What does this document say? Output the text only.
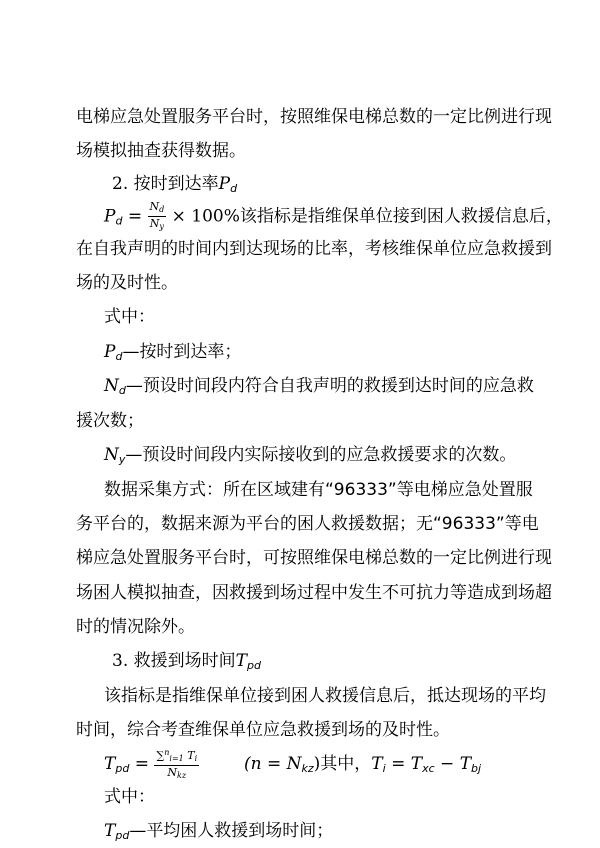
电梯应急处置服务平台时，按照维保电梯总数的一定比例进行现
场模拟抽查获得数据。
2. 按时到达率$P_d$
$P_d = \frac{N_d}{N_y} \times 100\%$该指标是指维保单位接到困人救援信息后，
在自我声明的时间内到达现场的比率，考核维保单位应急救援到
场的及时性。
式中：
$P_d—$按时到达率；
$N_d—$预设时间段内符合自我声明的救援到达时间的应急救
援次数；
$N_y—$预设时间段内实际接收到的应急救援要求的次数。
数据采集方式：所在区域建有“96333”等电梯应急处置服
务平台的，数据来源为平台的困人救援数据；无“96333”等电
梯应急处置服务平台时，可按照维保电梯总数的一定比例进行现
场困人模拟抽查，因救援到场过程中发生不可抗力等造成到场超
时的情况除外。
3. 救援到场时间$T_{pd}$
该指标是指维保单位接到困人救援信息后，抵达现场的平均
时间，综合考查维保单位应急救援到场的及时性。
$T_{pd} = \frac{\sum^n_{i=1} T_i}{N_{kz}}$	$(n = N_{kz})$其中，$T_i = T_{xc} - T_{bj}$
式中：
$T_{pd}—$平均困人救援到场时间；
